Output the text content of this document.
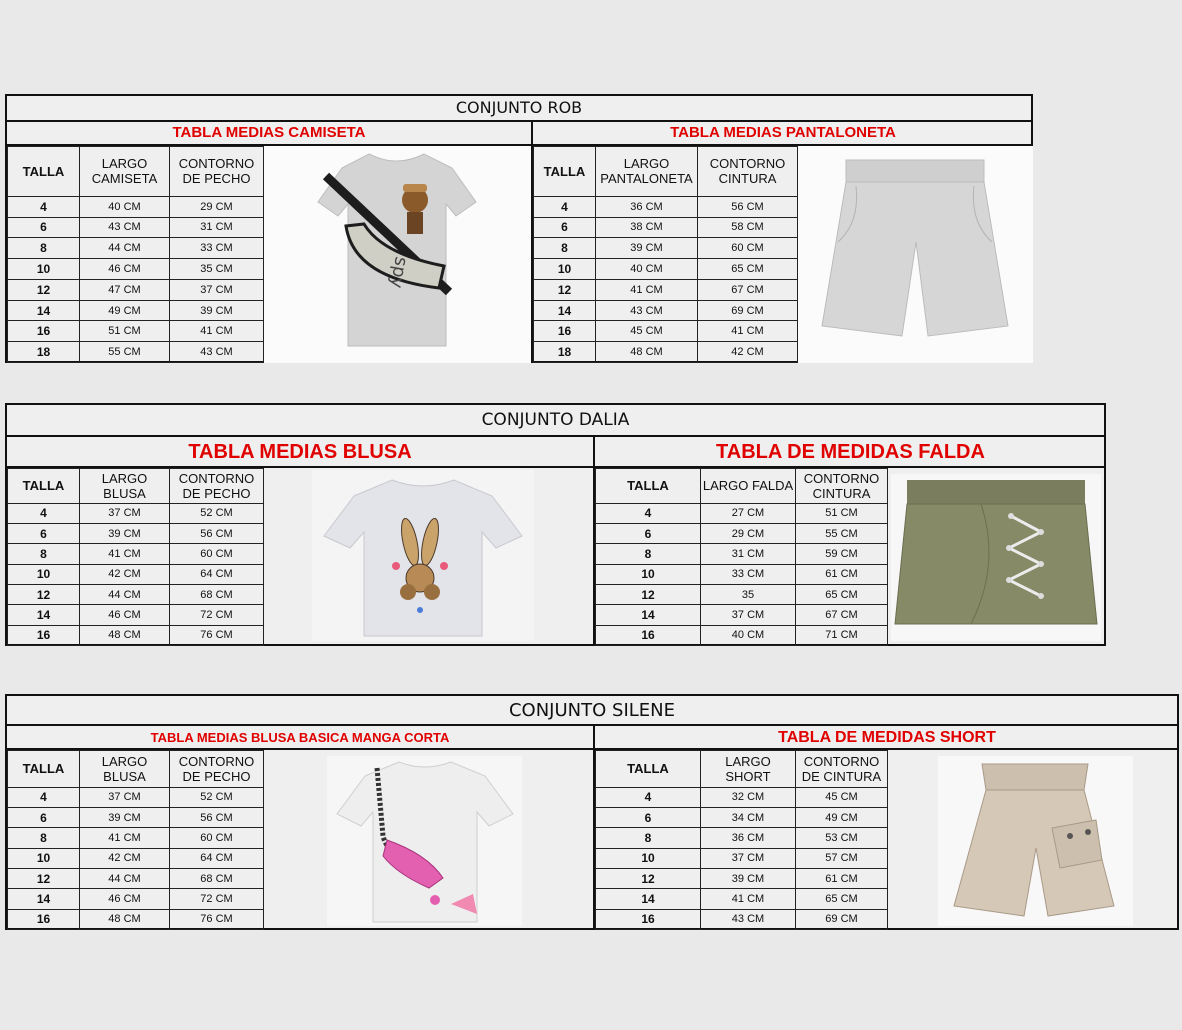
CONJUNTO ROB
TABLA MEDIAS CAMISETA
TALLA	LARGO CAMISETA	CONTORNO DE PECHO
4	40 CM	29 CM
6	43 CM	31 CM
8	44 CM	33 CM
10	46 CM	35 CM
12	47 CM	37 CM
14	49 CM	39 CM
16	51 CM	41 CM
18	55 CM	43 CM
spy
TABLA MEDIAS PANTALONETA
TALLA	LARGO PANTALONETA	CONTORNO CINTURA
4	36 CM	56 CM
6	38 CM	58 CM
8	39 CM	60 CM
10	40 CM	65 CM
12	41 CM	67 CM
14	43 CM	69 CM
16	45 CM	41 CM
18	48 CM	42 CM
CONJUNTO DALIA
TABLA MEDIAS BLUSA
TALLA	LARGO BLUSA	CONTORNO DE PECHO
4	37 CM	52 CM
6	39 CM	56 CM
8	41 CM	60 CM
10	42 CM	64 CM
12	44 CM	68 CM
14	46 CM	72 CM
16	48 CM	76 CM
TABLA DE MEDIDAS FALDA
TALLA	LARGO FALDA	CONTORNO CINTURA
4	27 CM	51 CM
6	29 CM	55 CM
8	31 CM	59 CM
10	33 CM	61 CM
12	35	65 CM
14	37 CM	67 CM
16	40 CM	71 CM
CONJUNTO SILENE
TABLA MEDIAS BLUSA BASICA MANGA CORTA
TALLA	LARGO BLUSA	CONTORNO DE PECHO
4	37 CM	52 CM
6	39 CM	56 CM
8	41 CM	60 CM
10	42 CM	64 CM
12	44 CM	68 CM
14	46 CM	72 CM
16	48 CM	76 CM
TABLA DE MEDIDAS SHORT
TALLA	LARGO SHORT	CONTORNO DE CINTURA
4	32 CM	45 CM
6	34 CM	49 CM
8	36 CM	53 CM
10	37 CM	57 CM
12	39 CM	61 CM
14	41 CM	65 CM
16	43 CM	69 CM
